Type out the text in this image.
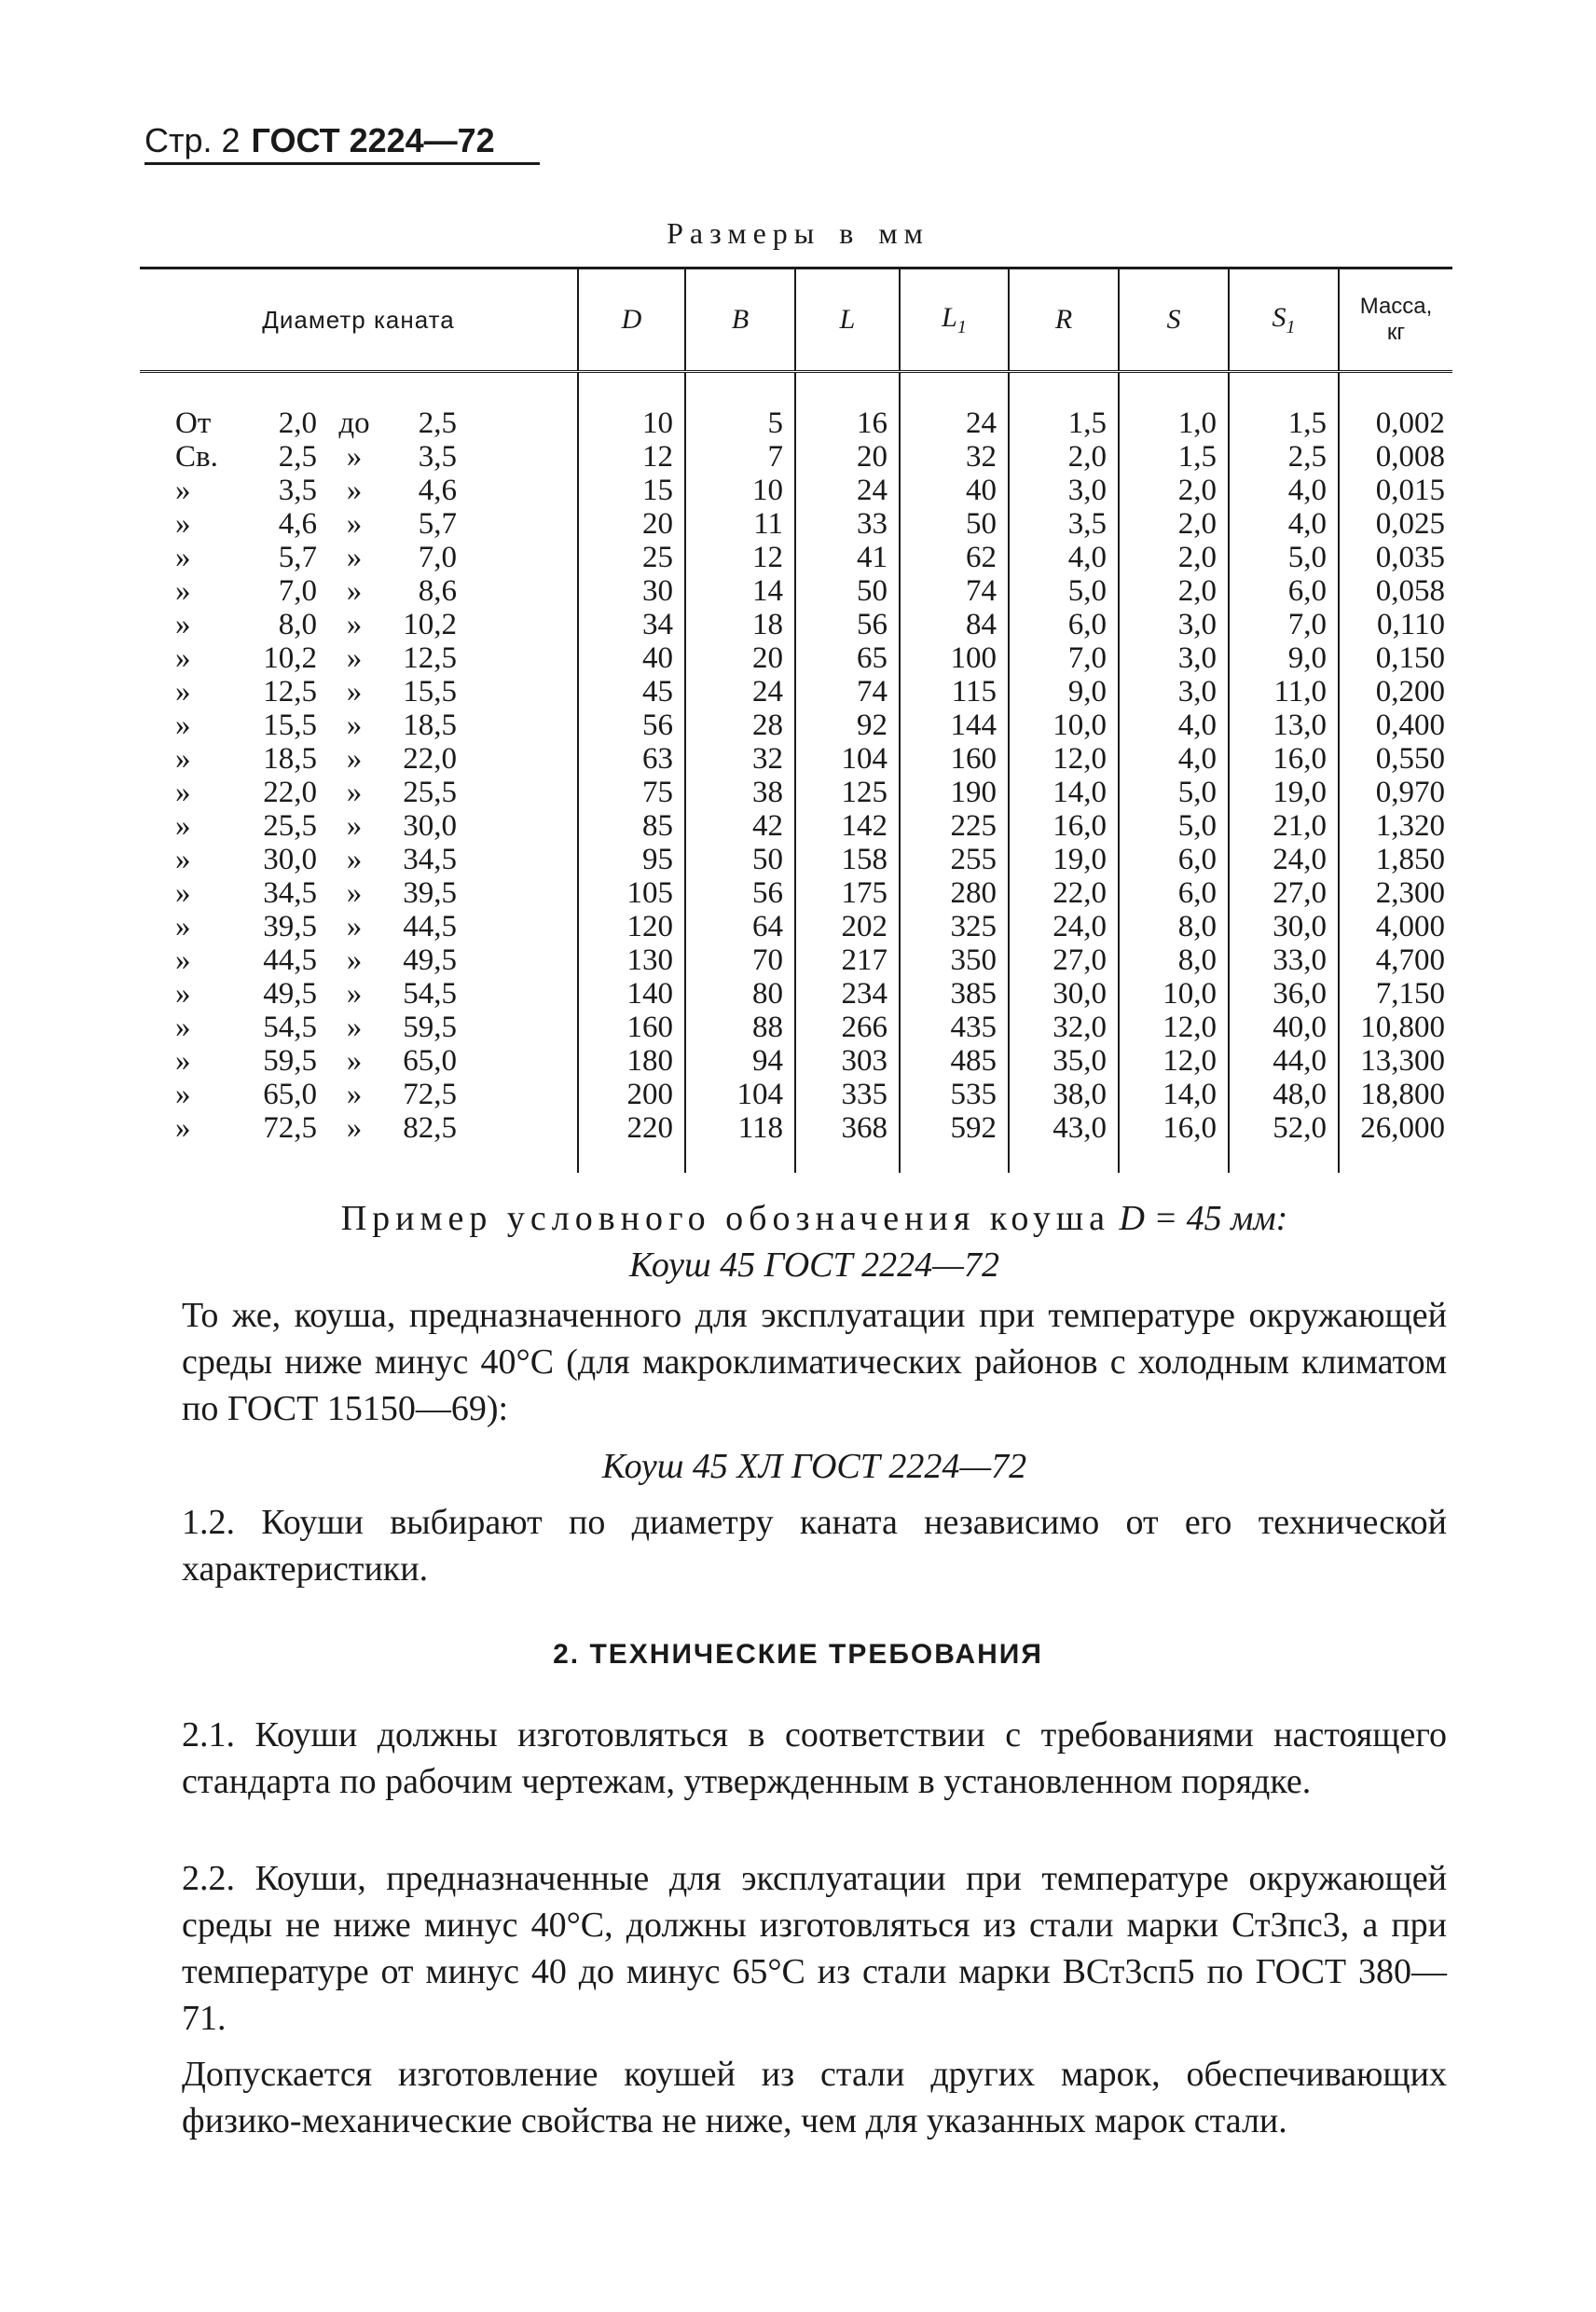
Стр. 2 ГОСТ 2224—72
Размеры в мм
Диаметр каната	D	B	L	$L_1$	R	S	$S_1$	Масса,
кг
От 2,0 до 2,5	10	5	16	24	1,5	1,0	1,5	0,002
Св. 2,5 » 3,5	12	7	20	32	2,0	1,5	2,5	0,008
» 3,5 » 4,6	15	10	24	40	3,0	2,0	4,0	0,015
» 4,6 » 5,7	20	11	33	50	3,5	2,0	4,0	0,025
» 5,7 » 7,0	25	12	41	62	4,0	2,0	5,0	0,035
» 7,0 » 8,6	30	14	50	74	5,0	2,0	6,0	0,058
» 8,0 » 10,2	34	18	56	84	6,0	3,0	7,0	0,110
» 10,2 » 12,5	40	20	65	100	7,0	3,0	9,0	0,150
» 12,5 » 15,5	45	24	74	115	9,0	3,0	11,0	0,200
» 15,5 » 18,5	56	28	92	144	10,0	4,0	13,0	0,400
» 18,5 » 22,0	63	32	104	160	12,0	4,0	16,0	0,550
» 22,0 » 25,5	75	38	125	190	14,0	5,0	19,0	0,970
» 25,5 » 30,0	85	42	142	225	16,0	5,0	21,0	1,320
» 30,0 » 34,5	95	50	158	255	19,0	6,0	24,0	1,850
» 34,5 » 39,5	105	56	175	280	22,0	6,0	27,0	2,300
» 39,5 » 44,5	120	64	202	325	24,0	8,0	30,0	4,000
» 44,5 » 49,5	130	70	217	350	27,0	8,0	33,0	4,700
» 49,5 » 54,5	140	80	234	385	30,0	10,0	36,0	7,150
» 54,5 » 59,5	160	88	266	435	32,0	12,0	40,0	10,800
» 59,5 » 65,0	180	94	303	485	35,0	12,0	44,0	13,300
» 65,0 » 72,5	200	104	335	535	38,0	14,0	48,0	18,800
» 72,5 » 82,5	220	118	368	592	43,0	16,0	52,0	26,000

Пример условного обозначения коуша D = 45 мм:

Коуш 45 ГОСТ 2224—72

То же, коуша, предназначенного для эксплуатации при температуре окружающей среды ниже минус 40°С (для макроклиматических районов с холодным климатом по ГОСТ 15150—69):

Коуш 45 ХЛ ГОСТ 2224—72

1.2. Коуши выбирают по диаметру каната независимо от его технической характеристики.

2. ТЕХНИЧЕСКИЕ ТРЕБОВАНИЯ

2.1. Коуши должны изготовляться в соответствии с требованиями настоящего стандарта по рабочим чертежам, утвержденным в установленном порядке.

2.2. Коуши, предназначенные для эксплуатации при температуре окружающей среды не ниже минус 40°С, должны изготовляться из стали марки Ст3пс3, а при температуре от минус 40 до минус 65°С из стали марки ВСт3сп5 по ГОСТ 380—71.

Допускается изготовление коушей из стали других марок, обеспечивающих физико-механические свойства не ниже, чем для указанных марок стали.
